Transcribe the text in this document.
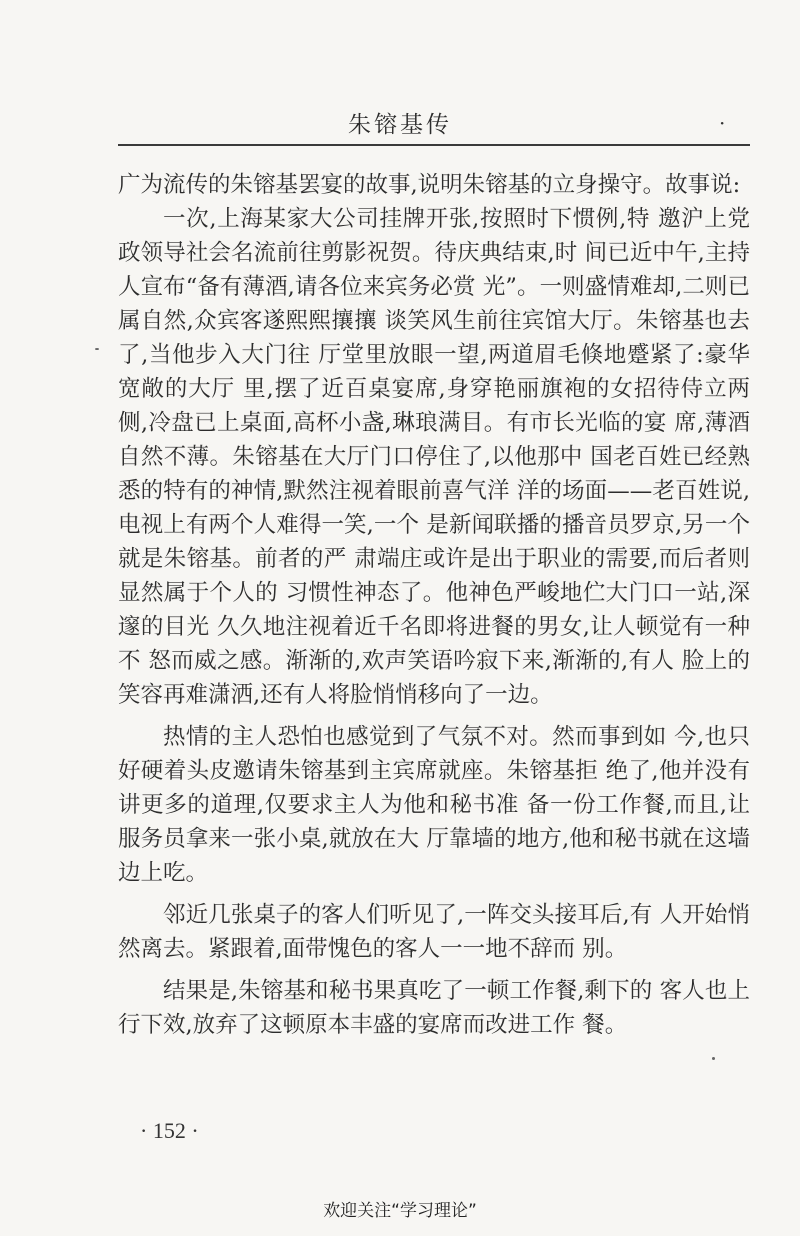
朱镕基传	·

广为流传的朱镕基罢宴的故事,说明朱镕基的立身操守。故事说:

一次,上海某家大公司挂牌开张,按照时下惯例,特 邀沪上党政领导社会名流前往剪影祝贺。待庆典结束,时 间已近中午,主持人宣布“备有薄酒,请各位来宾务必赏 光”。一则盛情难却,二则已属自然,众宾客遂熙熙攘攘 谈笑风生前往宾馆大厅。朱镕基也去了,当他步入大门往 厅堂里放眼一望,两道眉毛倏地蹙紧了:豪华宽敞的大厅 里,摆了近百桌宴席,身穿艳丽旗袍的女招待侍立两侧,冷盘已上桌面,高杯小盏,琳琅满目。有市长光临的宴 席,薄酒自然不薄。朱镕基在大厅门口停住了,以他那中 国老百姓已经熟悉的特有的神情,默然注视着眼前喜气洋 洋的场面——老百姓说,电视上有两个人难得一笑,一个 是新闻联播的播音员罗京,另一个就是朱镕基。前者的严 肃端庄或许是出于职业的需要,而后者则显然属于个人的 习惯性神态了。他神色严峻地伫大门口一站,深邃的目光 久久地注视着近千名即将进餐的男女,让人顿觉有一种不 怒而威之感。渐渐的,欢声笑语吟寂下来,渐渐的,有人 脸上的笑容再难潇洒,还有人将脸悄悄移向了一边。

热情的主人恐怕也感觉到了气氛不对。然而事到如 今,也只好硬着头皮邀请朱镕基到主宾席就座。朱镕基拒 绝了,他并没有讲更多的道理,仅要求主人为他和秘书准 备一份工作餐,而且,让服务员拿来一张小桌,就放在大 厅靠墙的地方,他和秘书就在这墙边上吃。

邻近几张桌子的客人们听见了,一阵交头接耳后,有 人开始悄然离去。紧跟着,面带愧色的客人一一地不辞而 别。

结果是,朱镕基和秘书果真吃了一顿工作餐,剩下的 客人也上行下效,放弃了这顿原本丰盛的宴席而改进工作 餐。

· 152 ·
欢迎关注“学习理论”
